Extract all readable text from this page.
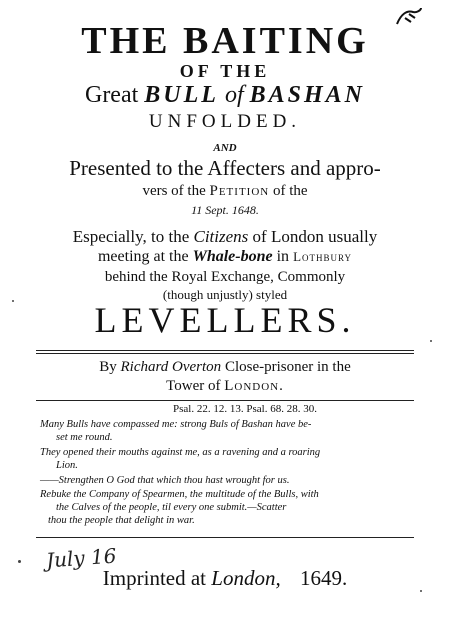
THE BAITING
OF THE
Great BULL of BASHAN
UNFOLDED.
AND
Presented to the Affecters and appro-
vers of the Petition of the
11 Sept. 1648.
Especially, to the Citizens of London usually
meeting at the Whale-bone in Lothbury
behind the Royal Exchange, Commonly
(though unjustly) styled
LEVELLERS.
By Richard Overton Close-prisoner in the
Tower of London.
Psal. 22. 12. 13. Psal. 68. 28. 30.
Many Bulls have compassed me: strong Buls of Bashan have be-
set me round.
They opened their mouths against me, as a ravening and a roaring
Lion.
——Strengthen O God that which thou hast wrought for us.
Rebuke the Company of Spearmen, the multitude of the Bulls, with
the Calves of the people, til every one submit.—Scatter
thou the people that delight in war.
July 16
Imprinted at London, 1649.
